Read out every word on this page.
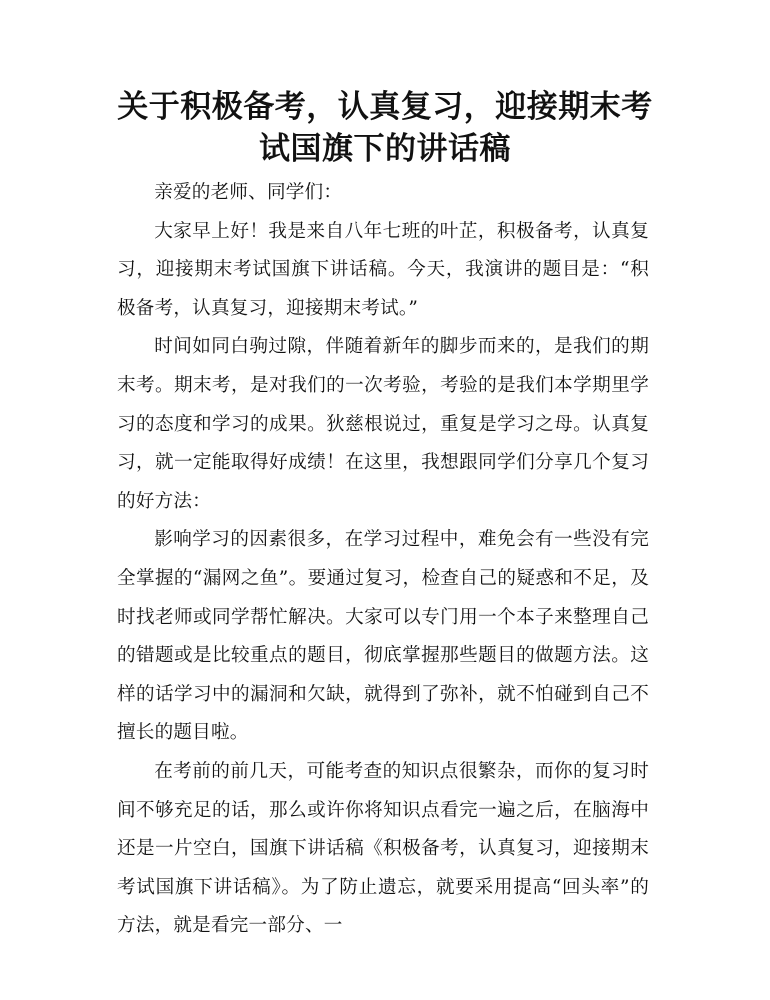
关于积极备考，认真复习，迎接期末考试国旗下的讲话稿

亲爱的老师、同学们：

大家早上好！我是来自八年七班的叶芷，积极备考，认真复习，迎接期末考试国旗下讲话稿。今天，我演讲的题目是：“积极备考，认真复习，迎接期末考试。”

时间如同白驹过隙，伴随着新年的脚步而来的，是我们的期末考。期末考，是对我们的一次考验，考验的是我们本学期里学习的态度和学习的成果。狄慈根说过，重复是学习之母。认真复习，就一定能取得好成绩！在这里，我想跟同学们分享几个复习的好方法：

影响学习的因素很多，在学习过程中，难免会有一些没有完全掌握的“漏网之鱼”。要通过复习，检查自己的疑惑和不足，及时找老师或同学帮忙解决。大家可以专门用一个本子来整理自己的错题或是比较重点的题目，彻底掌握那些题目的做题方法。这样的话学习中的漏洞和欠缺，就得到了弥补，就不怕碰到自己不擅长的题目啦。

在考前的前几天，可能考查的知识点很繁杂，而你的复习时间不够充足的话，那么或许你将知识点看完一遍之后，在脑海中还是一片空白，国旗下讲话稿《积极备考，认真复习，迎接期末考试国旗下讲话稿》。为了防止遗忘，就要采用提高“回头率”的方法，就是看完一部分、一
